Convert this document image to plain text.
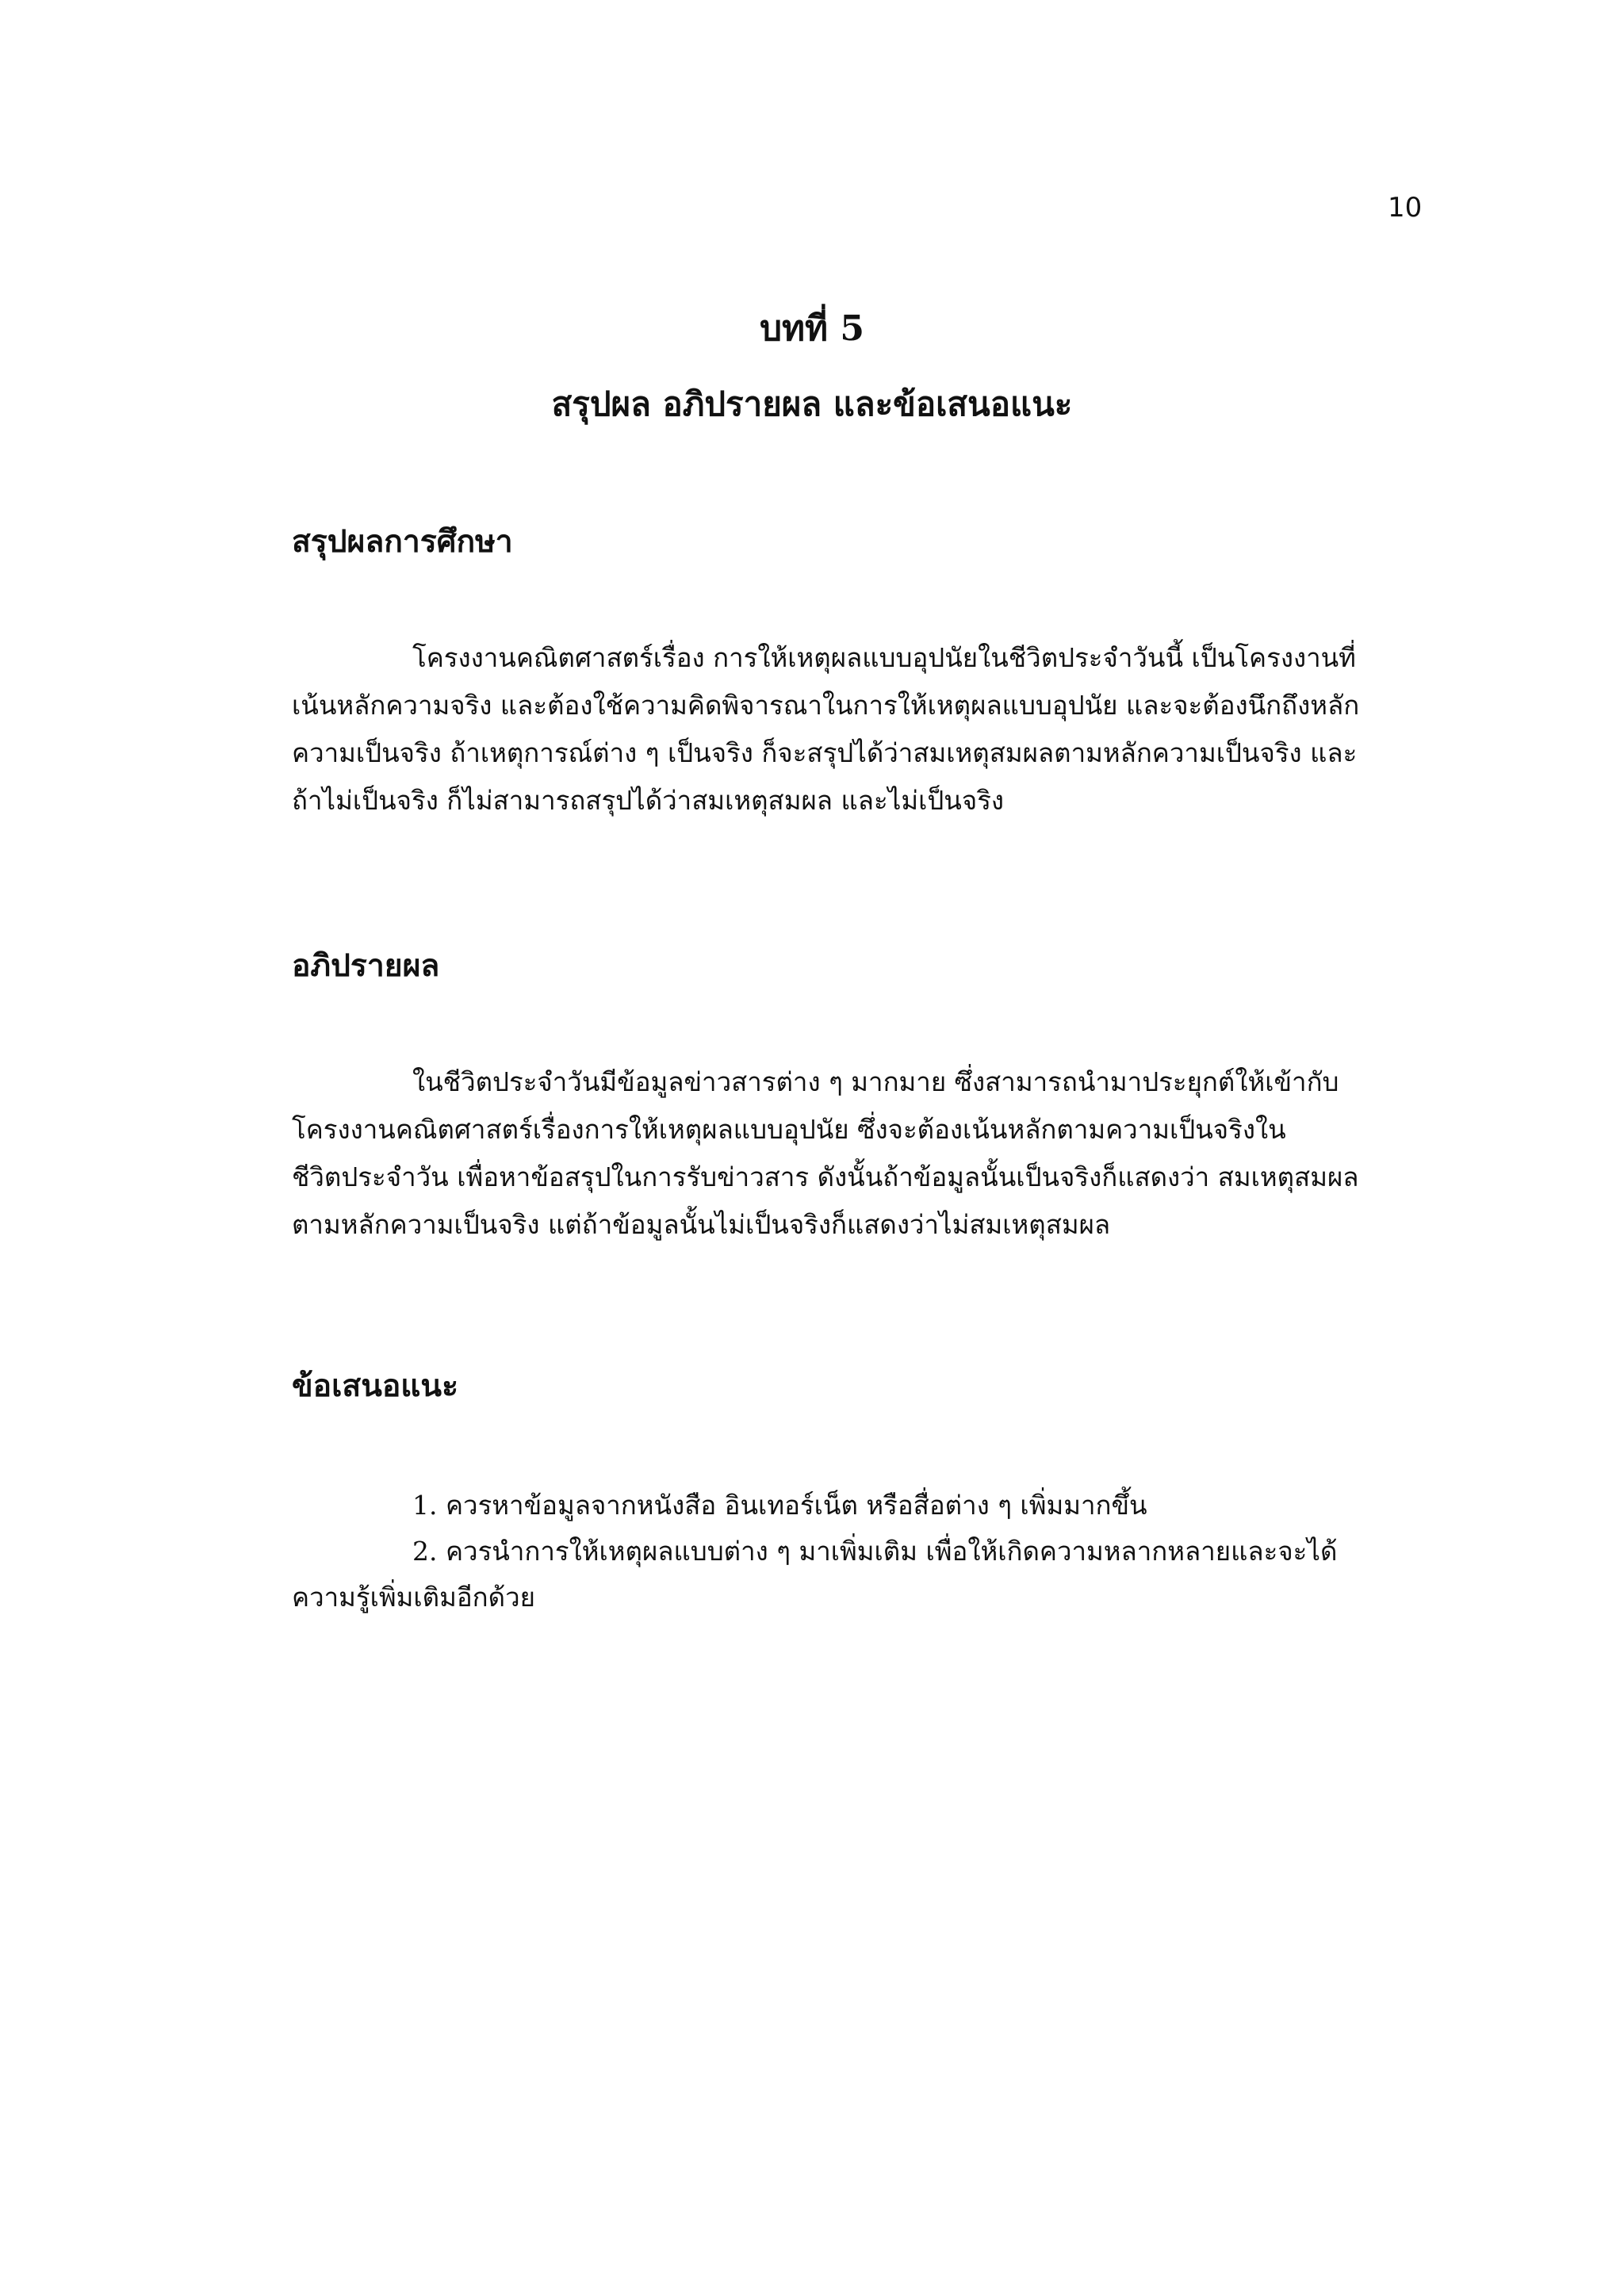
10
บทที่ 5
สรุปผล อภิปรายผล และข้อเสนอแนะ
สรุปผลการศึกษา
โครงงานคณิตศาสตร์เรื่อง การให้เหตุผลแบบอุปนัยในชีวิตประจำวันนี้ เป็นโครงงานที่
เน้นหลักความจริง และต้องใช้ความคิดพิจารณาในการให้เหตุผลแบบอุปนัย และจะต้องนึกถึงหลัก
ความเป็นจริง ถ้าเหตุการณ์ต่าง ๆ เป็นจริง ก็จะสรุปได้ว่าสมเหตุสมผลตามหลักความเป็นจริง และ
ถ้าไม่เป็นจริง ก็ไม่สามารถสรุปได้ว่าสมเหตุสมผล และไม่เป็นจริง
อภิปรายผล
ในชีวิตประจำวันมีข้อมูลข่าวสารต่าง ๆ มากมาย ซึ่งสามารถนำมาประยุกต์ให้เข้ากับ
โครงงานคณิตศาสตร์เรื่องการให้เหตุผลแบบอุปนัย ซึ่งจะต้องเน้นหลักตามความเป็นจริงใน
ชีวิตประจำวัน เพื่อหาข้อสรุปในการรับข่าวสาร ดังนั้นถ้าข้อมูลนั้นเป็นจริงก็แสดงว่า สมเหตุสมผล
ตามหลักความเป็นจริง แต่ถ้าข้อมูลนั้นไม่เป็นจริงก็แสดงว่าไม่สมเหตุสมผล
ข้อเสนอแนะ
1. ควรหาข้อมูลจากหนังสือ อินเทอร์เน็ต หรือสื่อต่าง ๆ เพิ่มมากขึ้น
2. ควรนำการให้เหตุผลแบบต่าง ๆ มาเพิ่มเติม เพื่อให้เกิดความหลากหลายและจะได้
ความรู้เพิ่มเติมอีกด้วย
